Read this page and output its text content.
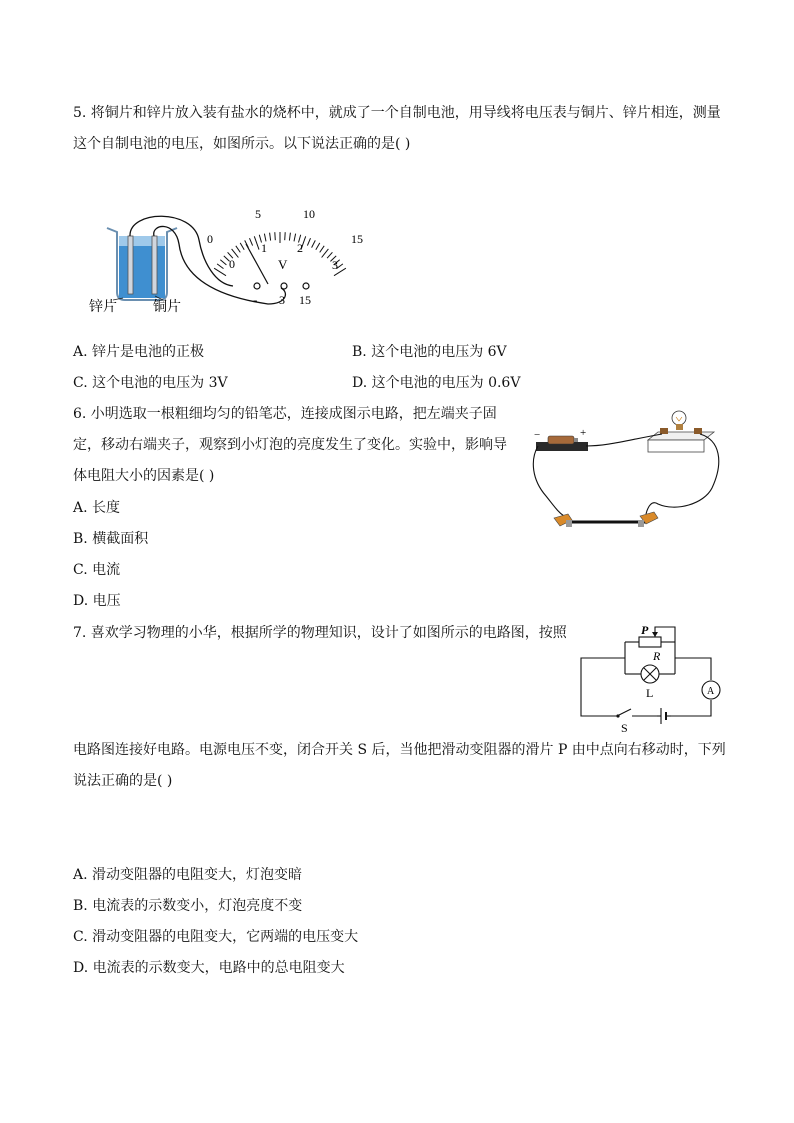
5. 将铜片和锌片放入装有盐水的烧杯中，就成了一个自制电池，用导线将电压表与铜片、锌片相连，测量
这个自制电池的电压，如图所示。以下说法正确的是( )
锌片	铜片
0
5	10
15
0
1	2
3
V
- 3 15
A. 锌片是电池的正极	B. 这个电池的电压为 6V
C. 这个电池的电压为 3V	D. 这个电池的电压为 0.6V
6. 小明选取一根粗细均匀的铅笔芯，连接成图示电路，把左端夹子固
定，移动右端夹子，观察到小灯泡的亮度发生了变化。实验中，影响导
体电阻大小的因素是( )
A. 长度
B. 横截面积
C. 电流
D. 电压
−	+
7. 喜欢学习物理的小华，根据所学的物理知识，设计了如图所示的电路图，按照
电路图连接好电路。电源电压不变，闭合开关 S 后，当他把滑动变阻器的滑片 P 由中点向右移动时，下列
说法正确的是( )
P
R
L	A
S
A. 滑动变阻器的电阻变大，灯泡变暗
B. 电流表的示数变小，灯泡亮度不变
C. 滑动变阻器的电阻变大，它两端的电压变大
D. 电流表的示数变大，电路中的总电阻变大
